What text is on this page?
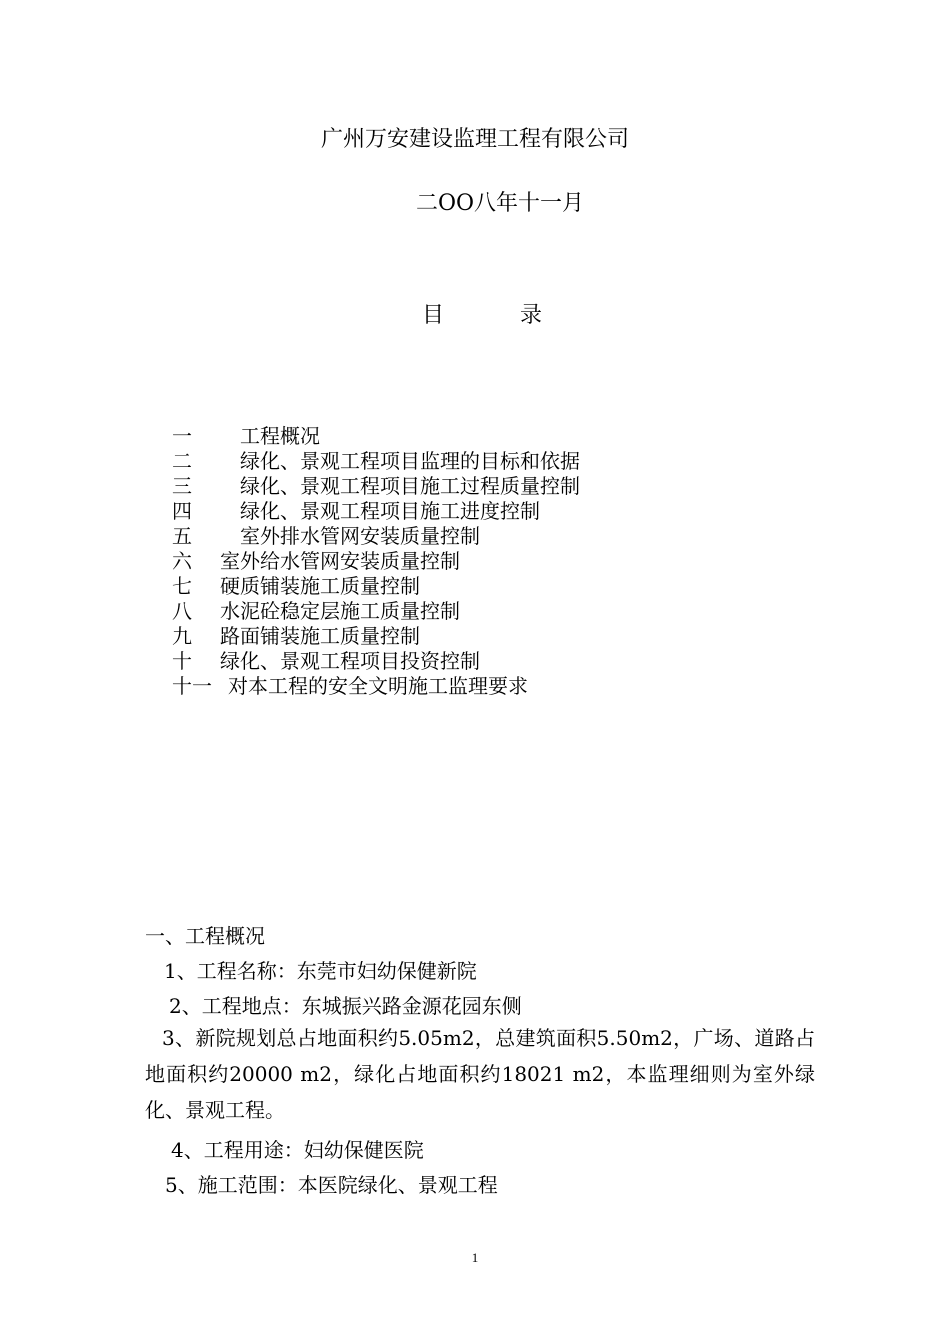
广州万安建设监理工程有限公司
二OO八年十一月
目	录
一 工程概况
二 绿化、景观工程项目监理的目标和依据
三 绿化、景观工程项目施工过程质量控制
四 绿化、景观工程项目施工进度控制
五 室外排水管网安装质量控制
六 室外给水管网安装质量控制
七 硬质铺装施工质量控制
八 水泥砼稳定层施工质量控制
九 路面铺装施工质量控制
十 绿化、景观工程项目投资控制
十一 对本工程的安全文明施工监理要求
一、工程概况
1、工程名称：东莞市妇幼保健新院
2、工程地点：东城振兴路金源花园东侧
3、新院规划总占地面积约5.05m2，总建筑面积5.50m2，广场、道路占地面积约20000 m2，绿化占地面积约18021 m2，本监理细则为室外绿化、景观工程。
4、工程用途：妇幼保健医院
5、施工范围：本医院绿化、景观工程
1
